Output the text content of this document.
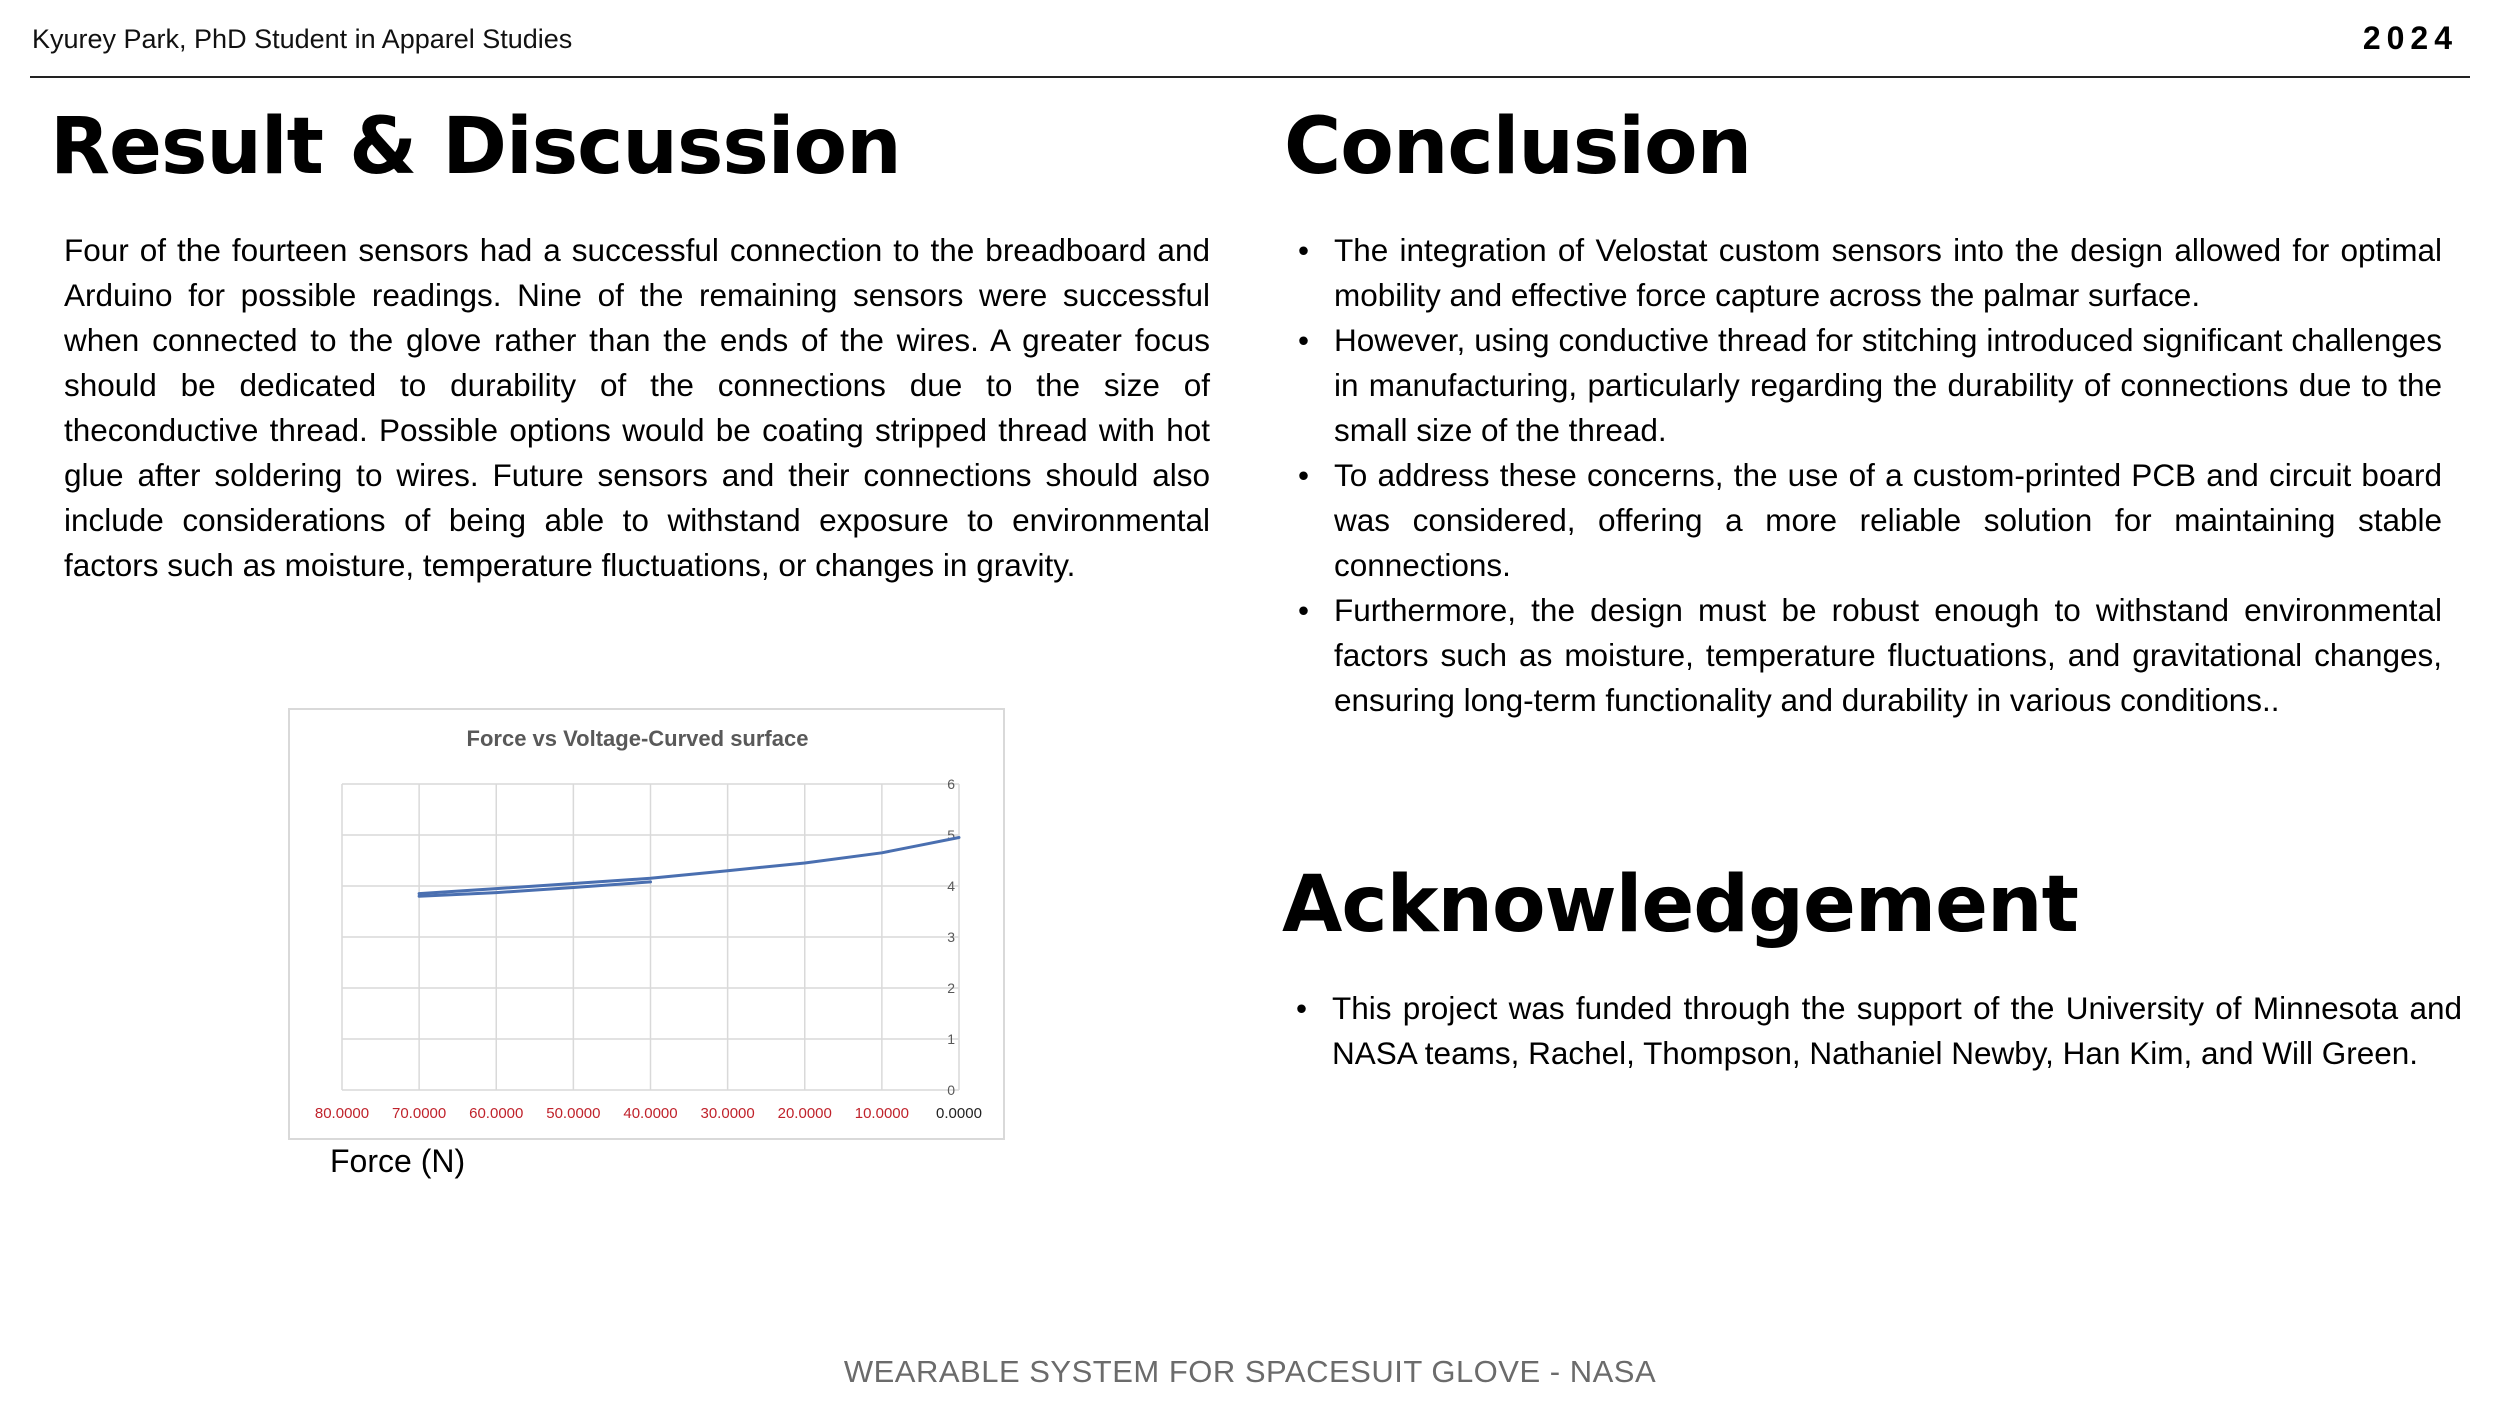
Kyurey Park, PhD Student in Apparel Studies	2024
Result & Discussion

Four of the fourteen sensors had a successful connection to the breadboard and Arduino for possible readings. Nine of the remaining sensors were successful when connected to the glove rather than the ends of the wires. A greater focus should be dedicated to durability of the connections due to the size of theconductive thread. Possible options would be coating stripped thread with hot glue after soldering to wires. Future sensors and their connections should also include considerations of being able to withstand exposure to environmental factors such as moisture, temperature fluctuations, or changes in gravity.

Force vs Voltage-Curved surface
0
1
2
3
4
5
6
80.0000 70.0000 60.0000 50.0000 40.0000 30.0000 20.0000 10.0000 0.0000
Force (N)
Conclusion
• The integration of Velostat custom sensors into the design allowed for optimal mobility and effective force capture across the palmar surface.
• However, using conductive thread for stitching introduced significant challenges in manufacturing, particularly regarding the durability of connections due to the small size of the thread.
• To address these concerns, the use of a custom-printed PCB and circuit board was considered, offering a more reliable solution for maintaining stable connections.
• Furthermore, the design must be robust enough to withstand environmental factors such as moisture, temperature fluctuations, and gravitational changes, ensuring long-term functionality and durability in various conditions..
Acknowledgement
• This project was funded through the support of the University of Minnesota and NASA teams, Rachel, Thompson, Nathaniel Newby, Han Kim, and Will Green.
WEARABLE SYSTEM FOR SPACESUIT GLOVE - NASA
